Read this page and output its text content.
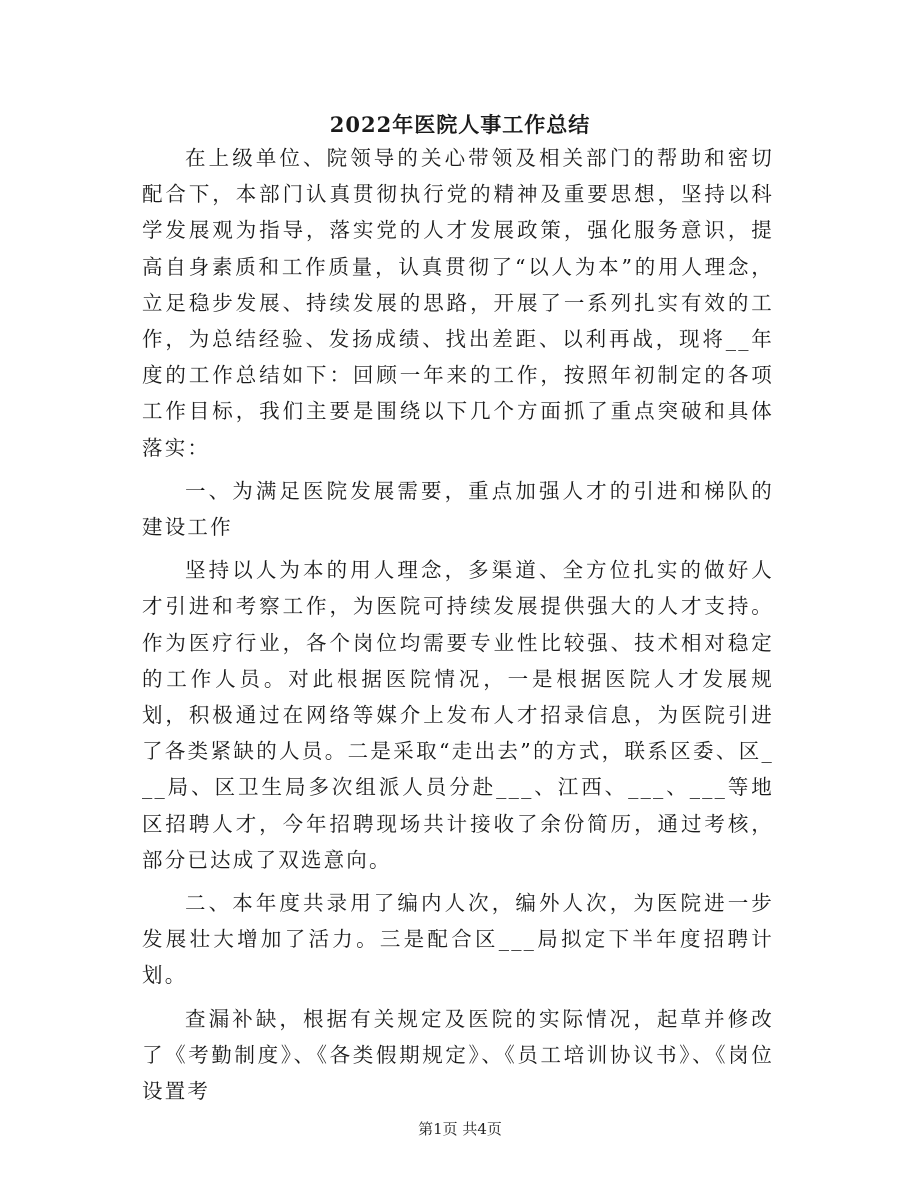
2022年医院人事工作总结

在上级单位、院领导的关心带领及相关部门的帮助和密切配合下，本部门认真贯彻执行党的精神及重要思想，坚持以科学发展观为指导，落实党的人才发展政策，强化服务意识，提高自身素质和工作质量，认真贯彻了“以人为本”的用人理念，立足稳步发展、持续发展的思路，开展了一系列扎实有效的工作，为总结经验、发扬成绩、找出差距、以利再战，现将__年度的工作总结如下：回顾一年来的工作，按照年初制定的各项工作目标，我们主要是围绕以下几个方面抓了重点突破和具体落实：

一、为满足医院发展需要，重点加强人才的引进和梯队的建设工作

坚持以人为本的用人理念，多渠道、全方位扎实的做好人才引进和考察工作，为医院可持续发展提供强大的人才支持。作为医疗行业，各个岗位均需要专业性比较强、技术相对稳定的工作人员。对此根据医院情况，一是根据医院人才发展规划，积极通过在网络等媒介上发布人才招录信息，为医院引进了各类紧缺的人员。二是采取“走出去”的方式，联系区委、区___局、区卫生局多次组派人员分赴___、江西、___、___等地区招聘人才，今年招聘现场共计接收了余份简历，通过考核，部分已达成了双选意向。

二、本年度共录用了编内人次，编外人次，为医院进一步发展壮大增加了活力。三是配合区___局拟定下半年度招聘计划。

查漏补缺，根据有关规定及医院的实际情况，起草并修改了《考勤制度》、《各类假期规定》、《员工培训协议书》、《岗位设置考

第1页 共4页
